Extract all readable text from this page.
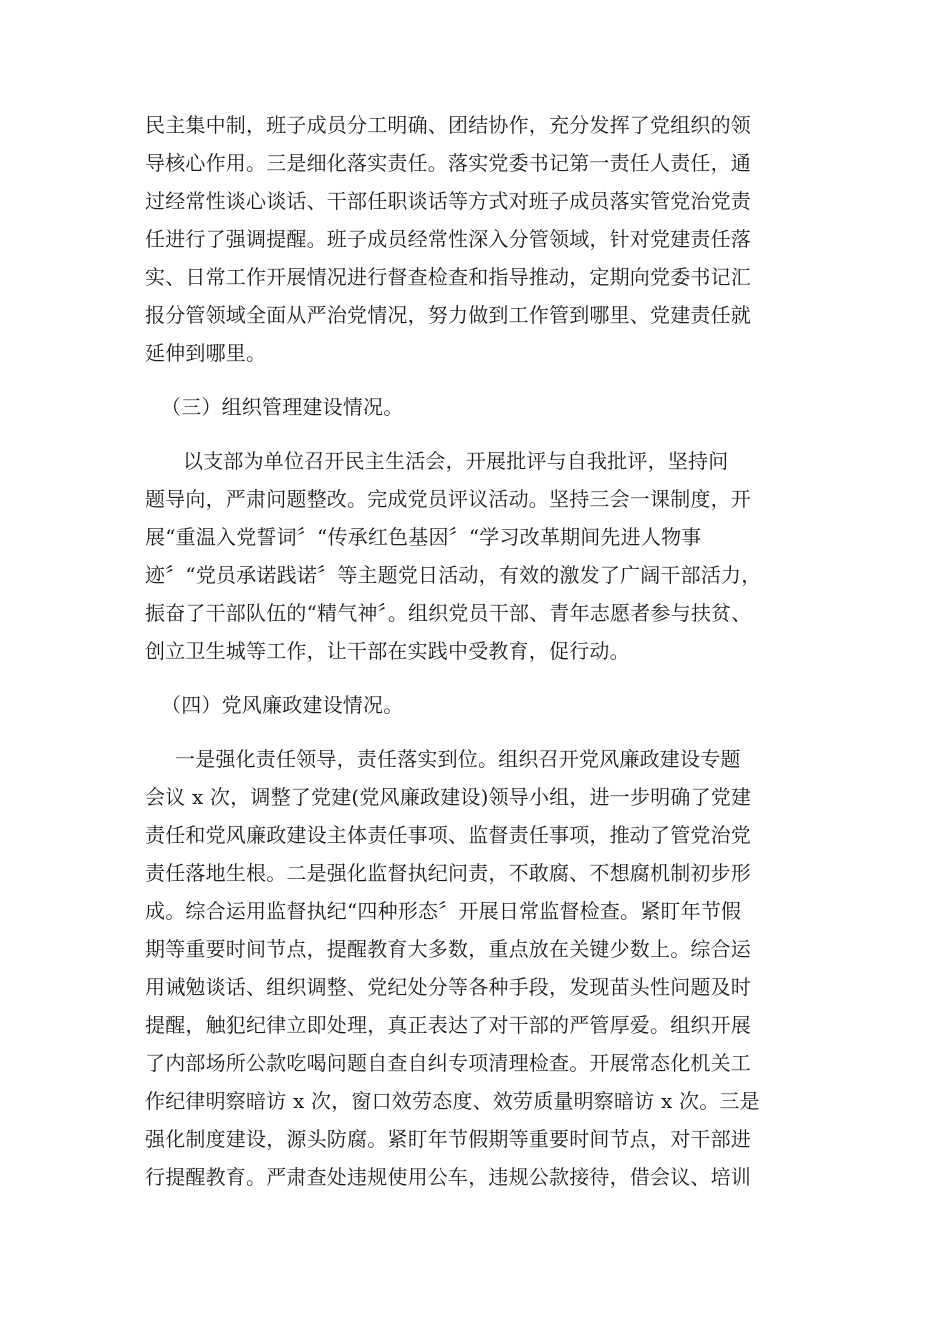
民主集中制，班子成员分工明确、团结协作，充分发挥了党组织的领
导核心作用。三是细化落实责任。落实党委书记第一责任人责任，通
过经常性谈心谈话、干部任职谈话等方式对班子成员落实管党治党责
任进行了强调提醒。班子成员经常性深入分管领域，针对党建责任落
实、日常工作开展情况进行督查检查和指导推动，定期向党委书记汇
报分管领域全面从严治党情况，努力做到工作管到哪里、党建责任就
延伸到哪里。
（三）组织管理建设情况。
以支部为单位召开民主生活会，开展批评与自我批评，坚持问
题导向，严肃问题整改。完成党员评议活动。坚持三会一课制度，开
展“重温入党誓词〞“传承红色基因〞“学习改革期间先进人物事
迹〞“党员承诺践诺〞等主题党日活动，有效的激发了广阔干部活力，
振奋了干部队伍的“精气神〞。组织党员干部、青年志愿者参与扶贫、
创立卫生城等工作，让干部在实践中受教育，促行动。
（四）党风廉政建设情况。
一是强化责任领导，责任落实到位。组织召开党风廉政建设专题
会议 x 次，调整了党建(党风廉政建设)领导小组，进一步明确了党建
责任和党风廉政建设主体责任事项、监督责任事项，推动了管党治党
责任落地生根。二是强化监督执纪问责，不敢腐、不想腐机制初步形
成。综合运用监督执纪“四种形态〞开展日常监督检查。紧盯年节假
期等重要时间节点，提醒教育大多数，重点放在关键少数上。综合运
用诫勉谈话、组织调整、党纪处分等各种手段，发现苗头性问题及时
提醒，触犯纪律立即处理，真正表达了对干部的严管厚爱。组织开展
了内部场所公款吃喝问题自查自纠专项清理检查。开展常态化机关工
作纪律明察暗访 x 次，窗口效劳态度、效劳质量明察暗访 x 次。三是
强化制度建设，源头防腐。紧盯年节假期等重要时间节点，对干部进
行提醒教育。严肃查处违规使用公车，违规公款接待，借会议、培训
